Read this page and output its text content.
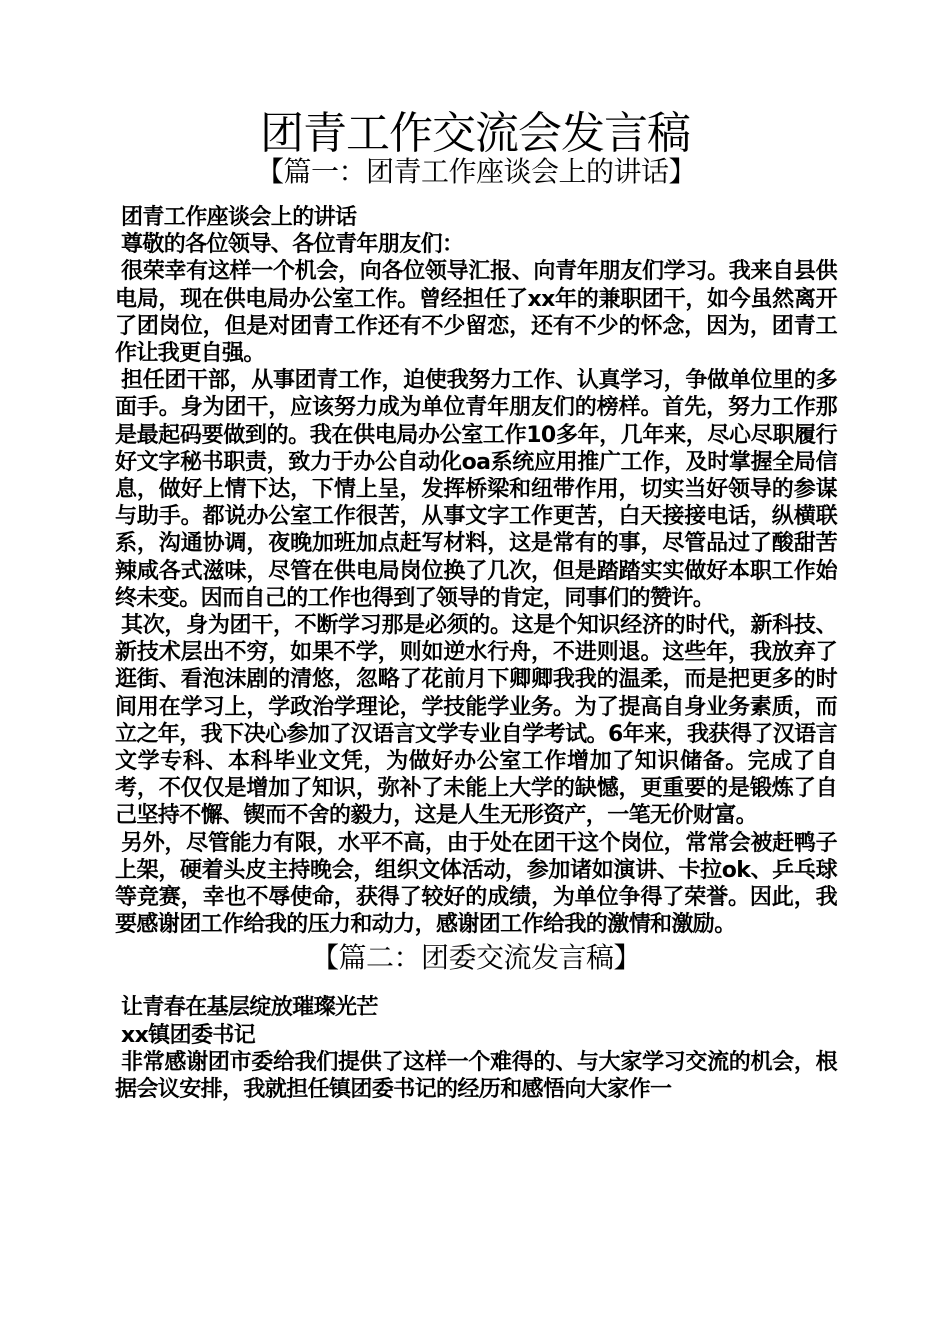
团青工作交流会发言稿
【篇一：团青工作座谈会上的讲话】

团青工作座谈会上的讲话

尊敬的各位领导、各位青年朋友们：

很荣幸有这样一个机会，向各位领导汇报、向青年朋友们学习。我来自县供电局，现在供电局办公室工作。曾经担任了xx年的兼职团干，如今虽然离开了团岗位，但是对团青工作还有不少留恋，还有不少的怀念，因为，团青工作让我更自强。

担任团干部，从事团青工作，迫使我努力工作、认真学习，争做单位里的多面手。身为团干，应该努力成为单位青年朋友们的榜样。首先，努力工作那是最起码要做到的。我在供电局办公室工作10多年，几年来，尽心尽职履行好文字秘书职责，致力于办公自动化oa系统应用推广工作，及时掌握全局信息，做好上情下达，下情上呈，发挥桥梁和纽带作用，切实当好领导的参谋与助手。都说办公室工作很苦，从事文字工作更苦，白天接接电话，纵横联系，沟通协调，夜晚加班加点赶写材料，这是常有的事，尽管品过了酸甜苦辣咸各式滋味，尽管在供电局岗位换了几次，但是踏踏实实做好本职工作始终未变。因而自己的工作也得到了领导的肯定，同事们的赞许。

其次，身为团干，不断学习那是必须的。这是个知识经济的时代，新科技、新技术层出不穷，如果不学，则如逆水行舟，不进则退。这些年，我放弃了逛街、看泡沫剧的清悠，忽略了花前月下卿卿我我的温柔，而是把更多的时间用在学习上，学政治学理论，学技能学业务。为了提高自身业务素质，而立之年，我下决心参加了汉语言文学专业自学考试。6年来，我获得了汉语言文学专科、本科毕业文凭，为做好办公室工作增加了知识储备。完成了自考，不仅仅是增加了知识，弥补了未能上大学的缺憾，更重要的是锻炼了自己坚持不懈、锲而不舍的毅力，这是人生无形资产，一笔无价财富。

另外，尽管能力有限，水平不高，由于处在团干这个岗位，常常会被赶鸭子上架，硬着头皮主持晚会，组织文体活动，参加诸如演讲、卡拉ok、乒乓球等竞赛，幸也不辱使命，获得了较好的成绩，为单位争得了荣誉。因此，我要感谢团工作给我的压力和动力，感谢团工作给我的激情和激励。

【篇二：团委交流发言稿】

让青春在基层绽放璀璨光芒

xx镇团委书记

非常感谢团市委给我们提供了这样一个难得的、与大家学习交流的机会，根据会议安排，我就担任镇团委书记的经历和感悟向大家作一
